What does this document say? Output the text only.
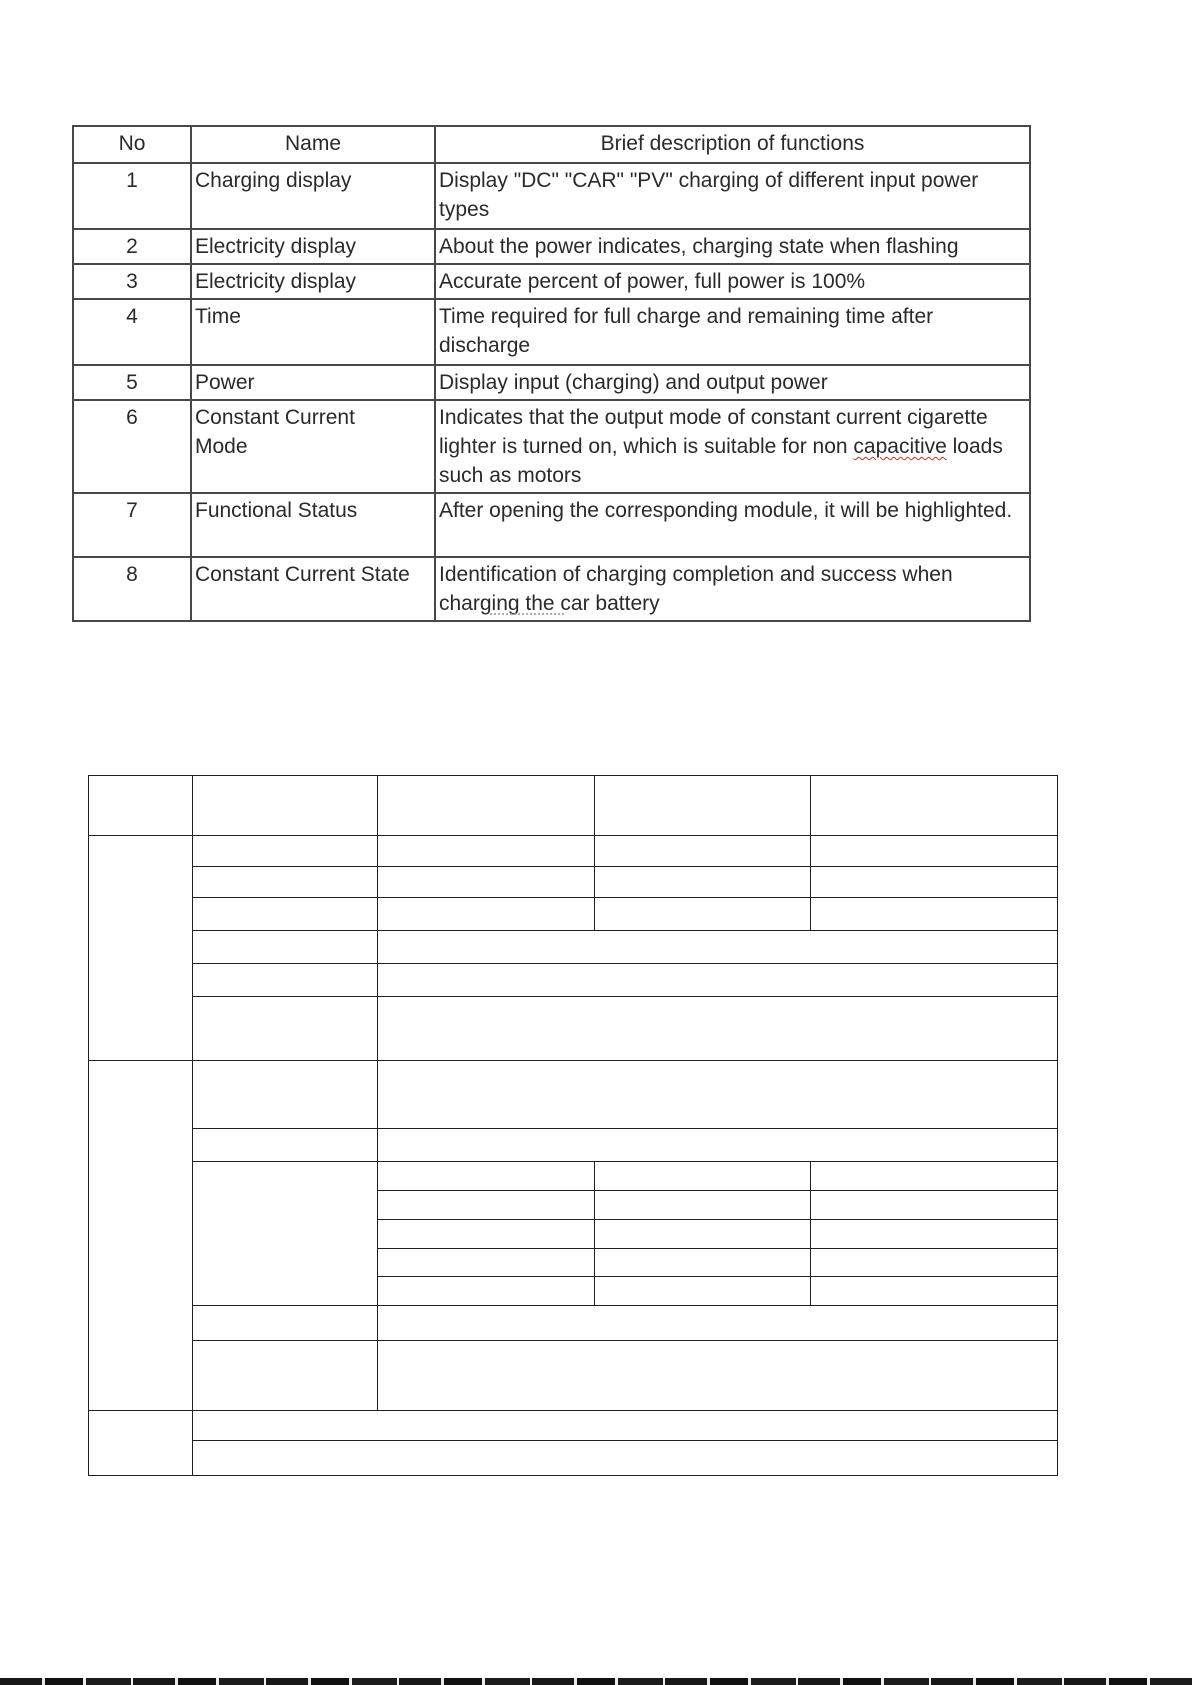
No	Name	Brief description of functions
1	Charging display	Display "DC" "CAR" "PV" charging of different input power types
2	Electricity display	About the power indicates, charging state when flashing
3	Electricity display	Accurate percent of power, full power is 100%
4	Time	Time required for full charge and remaining time after discharge
5	Power	Display input (charging) and output power
6	Constant Current Mode	Indicates that the output mode of constant current cigarette lighter is turned on, which is suitable for non capacitive loads such as motors
7	Functional Status	After opening the corresponding module, it will be highlighted.
8	Constant Current State	Identification of charging completion and success when charging the car battery
